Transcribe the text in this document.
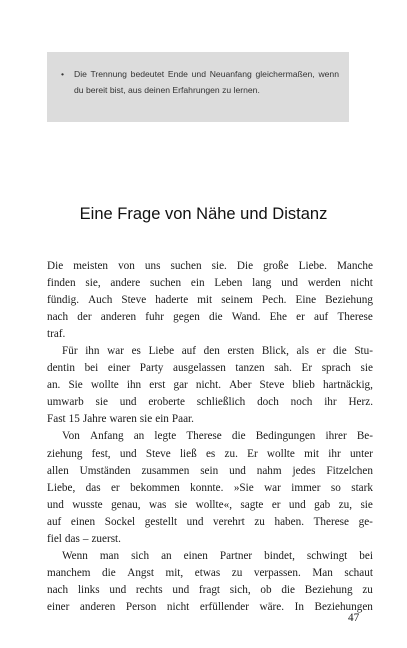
• Die Trennung bedeutet Ende und Neuanfang gleichermaßen, wenn du bereit bist, aus deinen Erfahrungen zu lernen.
Eine Frage von Nähe und Distanz
Die meisten von uns suchen sie. Die große Liebe. Manche
finden sie, andere suchen ein Leben lang und werden nicht
fündig. Auch Steve haderte mit seinem Pech. Eine Beziehung
nach der anderen fuhr gegen die Wand. Ehe er auf Therese
traf.
Für ihn war es Liebe auf den ersten Blick, als er die Stu-
dentin bei einer Party ausgelassen tanzen sah. Er sprach sie
an. Sie wollte ihn erst gar nicht. Aber Steve blieb hartnäckig,
umwarb sie und eroberte schließlich doch noch ihr Herz.
Fast 15 Jahre waren sie ein Paar.
Von Anfang an legte Therese die Bedingungen ihrer Be-
ziehung fest, und Steve ließ es zu. Er wollte mit ihr unter
allen Umständen zusammen sein und nahm jedes Fitzelchen
Liebe, das er bekommen konnte. »Sie war immer so stark
und wusste genau, was sie wollte«, sagte er und gab zu, sie
auf einen Sockel gestellt und verehrt zu haben. Therese ge-
fiel das – zuerst.
Wenn man sich an einen Partner bindet, schwingt bei
manchem die Angst mit, etwas zu verpassen. Man schaut
nach links und rechts und fragt sich, ob die Beziehung zu
einer anderen Person nicht erfüllender wäre. In Beziehungen
47
